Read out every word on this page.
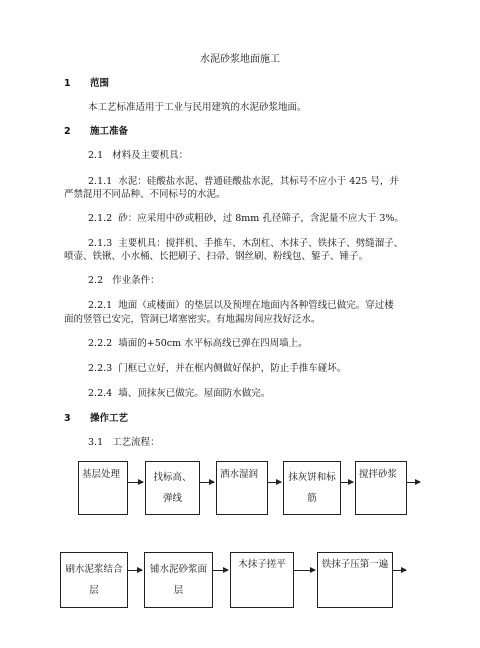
水泥砂浆地面施工
1 范围
本工艺标准适用于工业与民用建筑的水泥砂浆地面。
2 施工准备
2.1 材料及主要机具：
2.1.1 水泥：硅酸盐水泥、普通硅酸盐水泥，其标号不应小于 425 号，并
严禁混用不同品种、不同标号的水泥。
2.1.2 砂：应采用中砂或粗砂，过 8mm 孔径筛子，含泥量不应大于 3%。
2.1.3 主要机具：搅拌机、手推车、木刮杠、木抹子、铁抹子、劈缝溜子、
喷壶、铁锹、小水桶、长把刷子、扫帚、钢丝刷、粉线包、錾子、锤子。
2.2 作业条件：
2.2.1 地面（或楼面）的垫层以及预埋在地面内各种管线已做完。穿过楼
面的竖管已安完，管洞已堵塞密实。有地漏房间应找好泛水。
2.2.2 墙面的+50cm 水平标高线已弹在四周墙上。
2.2.3 门框已立好，并在框内侧做好保护，防止手推车碰坏。
2.2.4 墙、顶抹灰已做完。屋面防水做完。
3 操作工艺
3.1 工艺流程：
基层处理	找标高、
弹线
洒水湿润	抹灰饼和标
筋
搅拌砂浆
刷水泥浆结合
层
铺水泥砂浆面
层
木抹子搓平	铁抹子压第一遍
